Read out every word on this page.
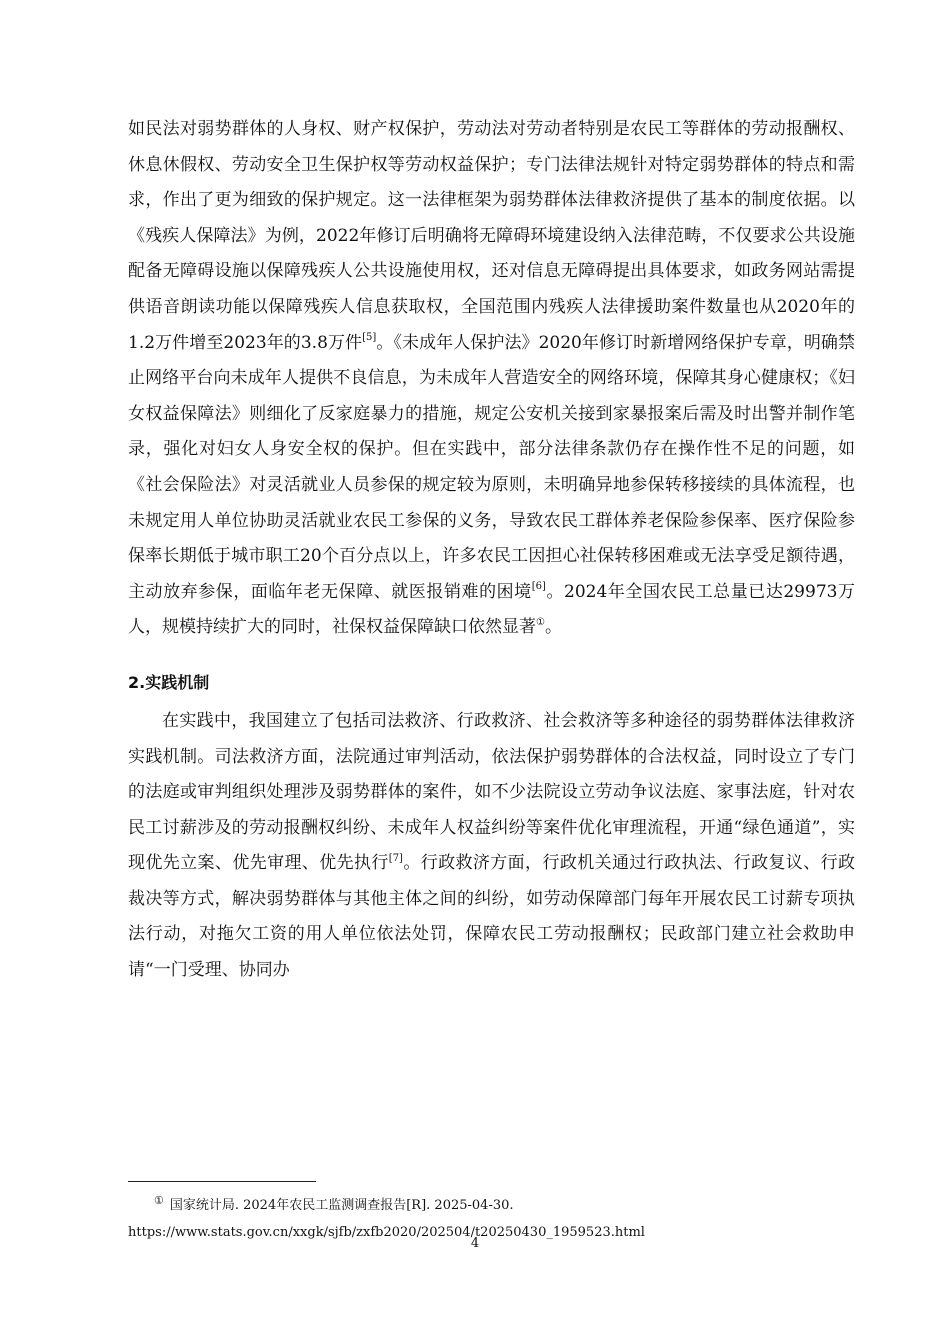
如民法对弱势群体的人身权、财产权保护，劳动法对劳动者特别是农民工等群体的劳动报酬权、休息休假权、劳动安全卫生保护权等劳动权益保护；专门法律法规针对特定弱势群体的特点和需求，作出了更为细致的保护规定。这一法律框架为弱势群体法律救济提供了基本的制度依据。以《残疾人保障法》为例，2022年修订后明确将无障碍环境建设纳入法律范畴，不仅要求公共设施配备无障碍设施以保障残疾人公共设施使用权，还对信息无障碍提出具体要求，如政务网站需提供语音朗读功能以保障残疾人信息获取权，全国范围内残疾人法律援助案件数量也从2020年的1.2万件增至2023年的3.8万件[5]。《未成年人保护法》2020年修订时新增网络保护专章，明确禁止网络平台向未成年人提供不良信息，为未成年人营造安全的网络环境，保障其身心健康权；《妇女权益保障法》则细化了反家庭暴力的措施，规定公安机关接到家暴报案后需及时出警并制作笔录，强化对妇女人身安全权的保护。但在实践中，部分法律条款仍存在操作性不足的问题，如《社会保险法》对灵活就业人员参保的规定较为原则，未明确异地参保转移接续的具体流程，也未规定用人单位协助灵活就业农民工参保的义务，导致农民工群体养老保险参保率、医疗保险参保率长期低于城市职工20个百分点以上，许多农民工因担心社保转移困难或无法享受足额待遇，主动放弃参保，面临年老无保障、就医报销难的困境[6]。2024年全国农民工总量已达29973万人，规模持续扩大的同时，社保权益保障缺口依然显著①。

2.实践机制

在实践中，我国建立了包括司法救济、行政救济、社会救济等多种途径的弱势群体法律救济实践机制。司法救济方面，法院通过审判活动，依法保护弱势群体的合法权益，同时设立了专门的法庭或审判组织处理涉及弱势群体的案件，如不少法院设立劳动争议法庭、家事法庭，针对农民工讨薪涉及的劳动报酬权纠纷、未成年人权益纠纷等案件优化审理流程，开通“绿色通道”，实现优先立案、优先审理、优先执行[7]。行政救济方面，行政机关通过行政执法、行政复议、行政裁决等方式，解决弱势群体与其他主体之间的纠纷，如劳动保障部门每年开展农民工讨薪专项执法行动，对拖欠工资的用人单位依法处罚，保障农民工劳动报酬权；民政部门建立社会救助申请“一门受理、协同办

① 国家统计局. 2024年农民工监测调查报告[R]. 2025-04-30.
https://www.stats.gov.cn/xxgk/sjfb/zxfb2020/202504/t20250430_1959523.html
4
